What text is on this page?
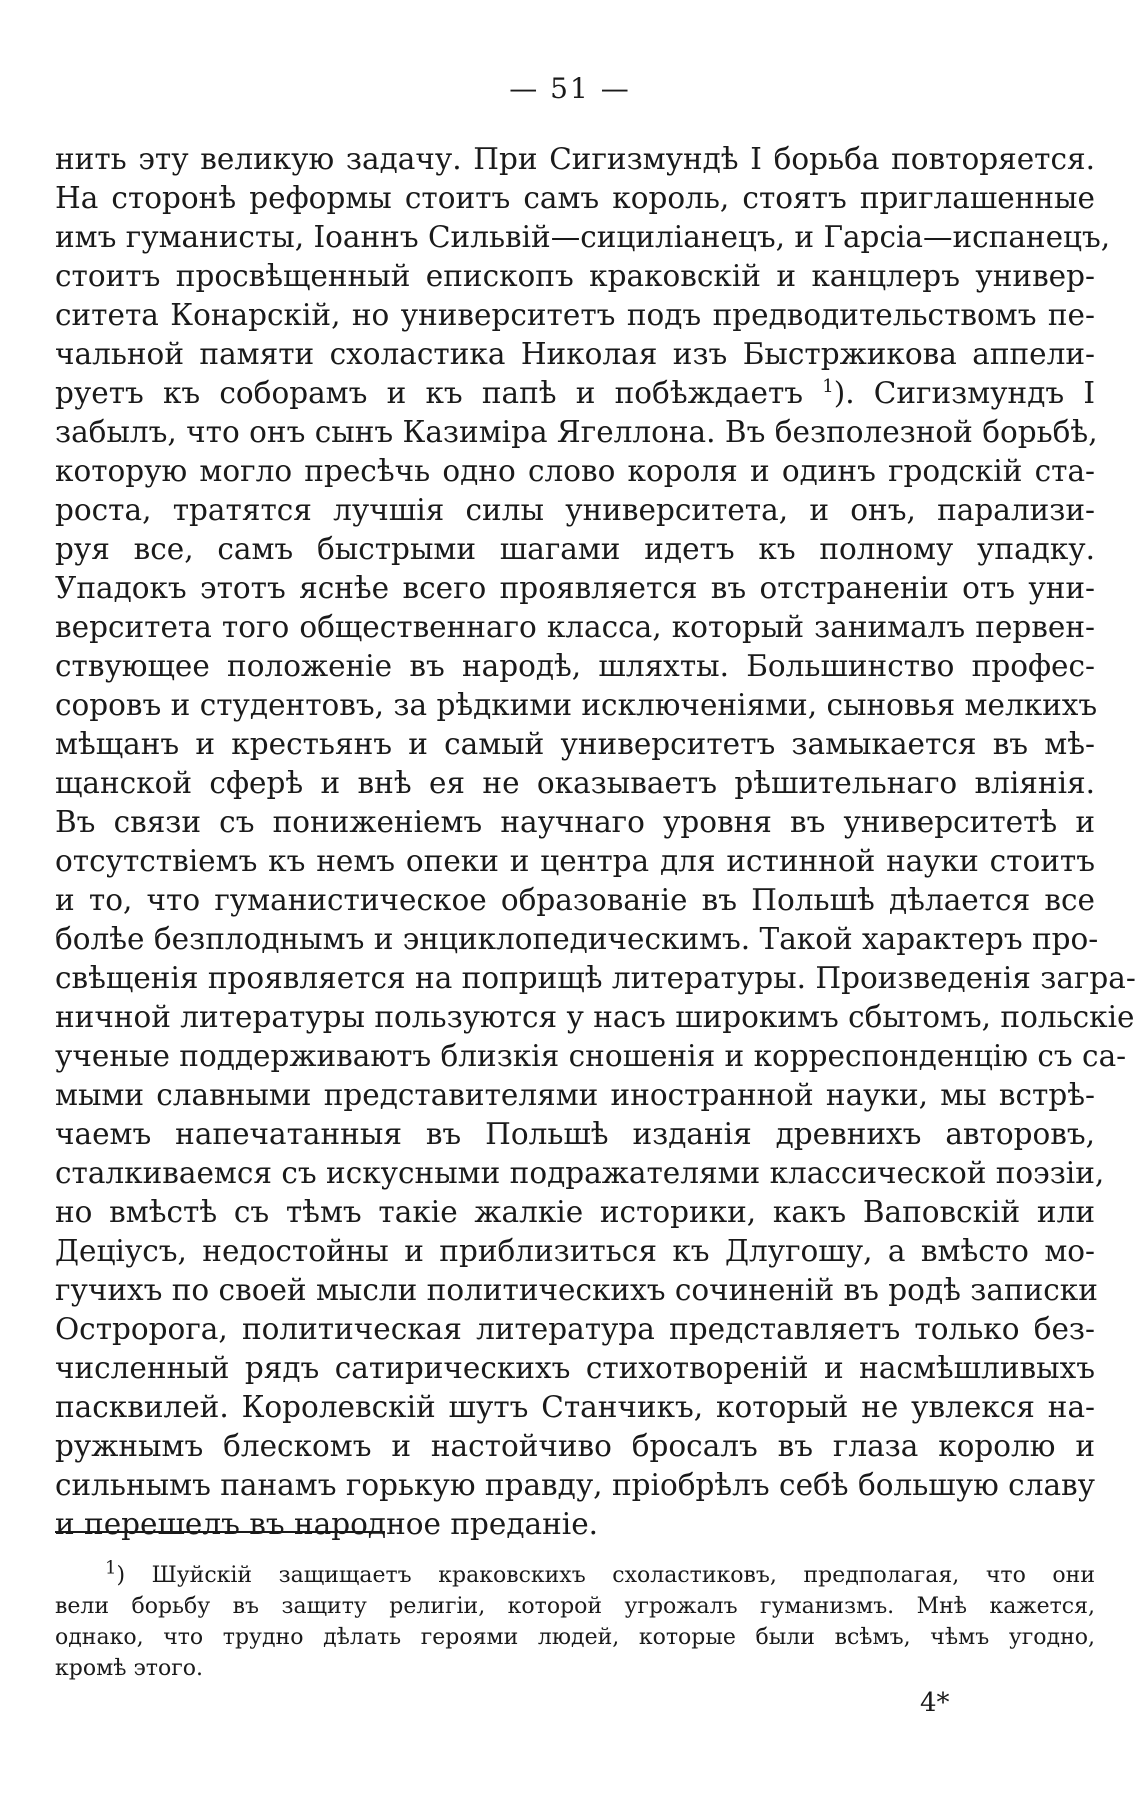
— 51 —
нить эту великую задачу. При Сигизмундѣ I борьба повторяется.
На сторонѣ реформы стоитъ самъ король, стоятъ приглашенные
имъ гуманисты, Іоаннъ Сильвій—сициліанецъ, и Гарсіа—испанецъ,
стоитъ просвѣщенный епископъ краковскій и канцлеръ универ-
ситета Конарскій, но университетъ подъ предводительствомъ пе-
чальной памяти схоластика Николая изъ Быстржикова аппели-
руетъ къ соборамъ и къ папѣ и побѣждаетъ $^1$). Сигизмундъ I
забылъ, что онъ сынъ Казиміра Ягеллона. Въ безполезной борьбѣ,
которую могло пресѣчь одно слово короля и одинъ гродскій ста-
роста, тратятся лучшія силы университета, и онъ, парализи-
руя все, самъ быстрыми шагами идетъ къ полному упадку.
Упадокъ этотъ яснѣе всего проявляется въ отстраненіи отъ уни-
верситета того общественнаго класса, который занималъ первен-
ствующее положеніе въ народѣ, шляхты. Большинство профес-
соровъ и студентовъ, за рѣдкими исключеніями, сыновья мелкихъ
мѣщанъ и крестьянъ и самый университетъ замыкается въ мѣ-
щанской сферѣ и внѣ ея не оказываетъ рѣшительнаго вліянія.
Въ связи съ пониженіемъ научнаго уровня въ университетѣ и
отсутствіемъ къ немъ опеки и центра для истинной науки стоитъ
и то, что гуманистическое образованіе въ Польшѣ дѣлается все
болѣе безплоднымъ и энциклопедическимъ. Такой характеръ про-
свѣщенія проявляется на поприщѣ литературы. Произведенія загра-
ничной литературы пользуются у насъ широкимъ сбытомъ, польскіе
ученые поддерживаютъ близкія сношенія и корреспонденцію съ са-
мыми славными представителями иностранной науки, мы встрѣ-
чаемъ напечатанныя въ Польшѣ изданія древнихъ авторовъ,
сталкиваемся съ искусными подражателями классической поэзіи,
но вмѣстѣ съ тѣмъ такіе жалкіе историки, какъ Ваповскій или
Деціусъ, недостойны и приблизиться къ Длугошу, а вмѣсто мо-
гучихъ по своей мысли политическихъ сочиненій въ родѣ записки
Остророга, политическая литература представляетъ только без-
численный рядъ сатирическихъ стихотвореній и насмѣшливыхъ
пасквилей. Королевскій шутъ Станчикъ, который не увлекся на-
ружнымъ блескомъ и настойчиво бросалъ въ глаза королю и
сильнымъ панамъ горькую правду, пріобрѣлъ себѣ большую славу
и перешелъ въ народное преданіе.
$^1$) Шуйскій защищаетъ краковскихъ схоластиковъ, предполагая, что они
вели борьбу въ защиту религіи, которой угрожалъ гуманизмъ. Мнѣ кажется,
однако, что трудно дѣлать героями людей, которые были всѣмъ, чѣмъ угодно,
кромѣ этого.
4*
